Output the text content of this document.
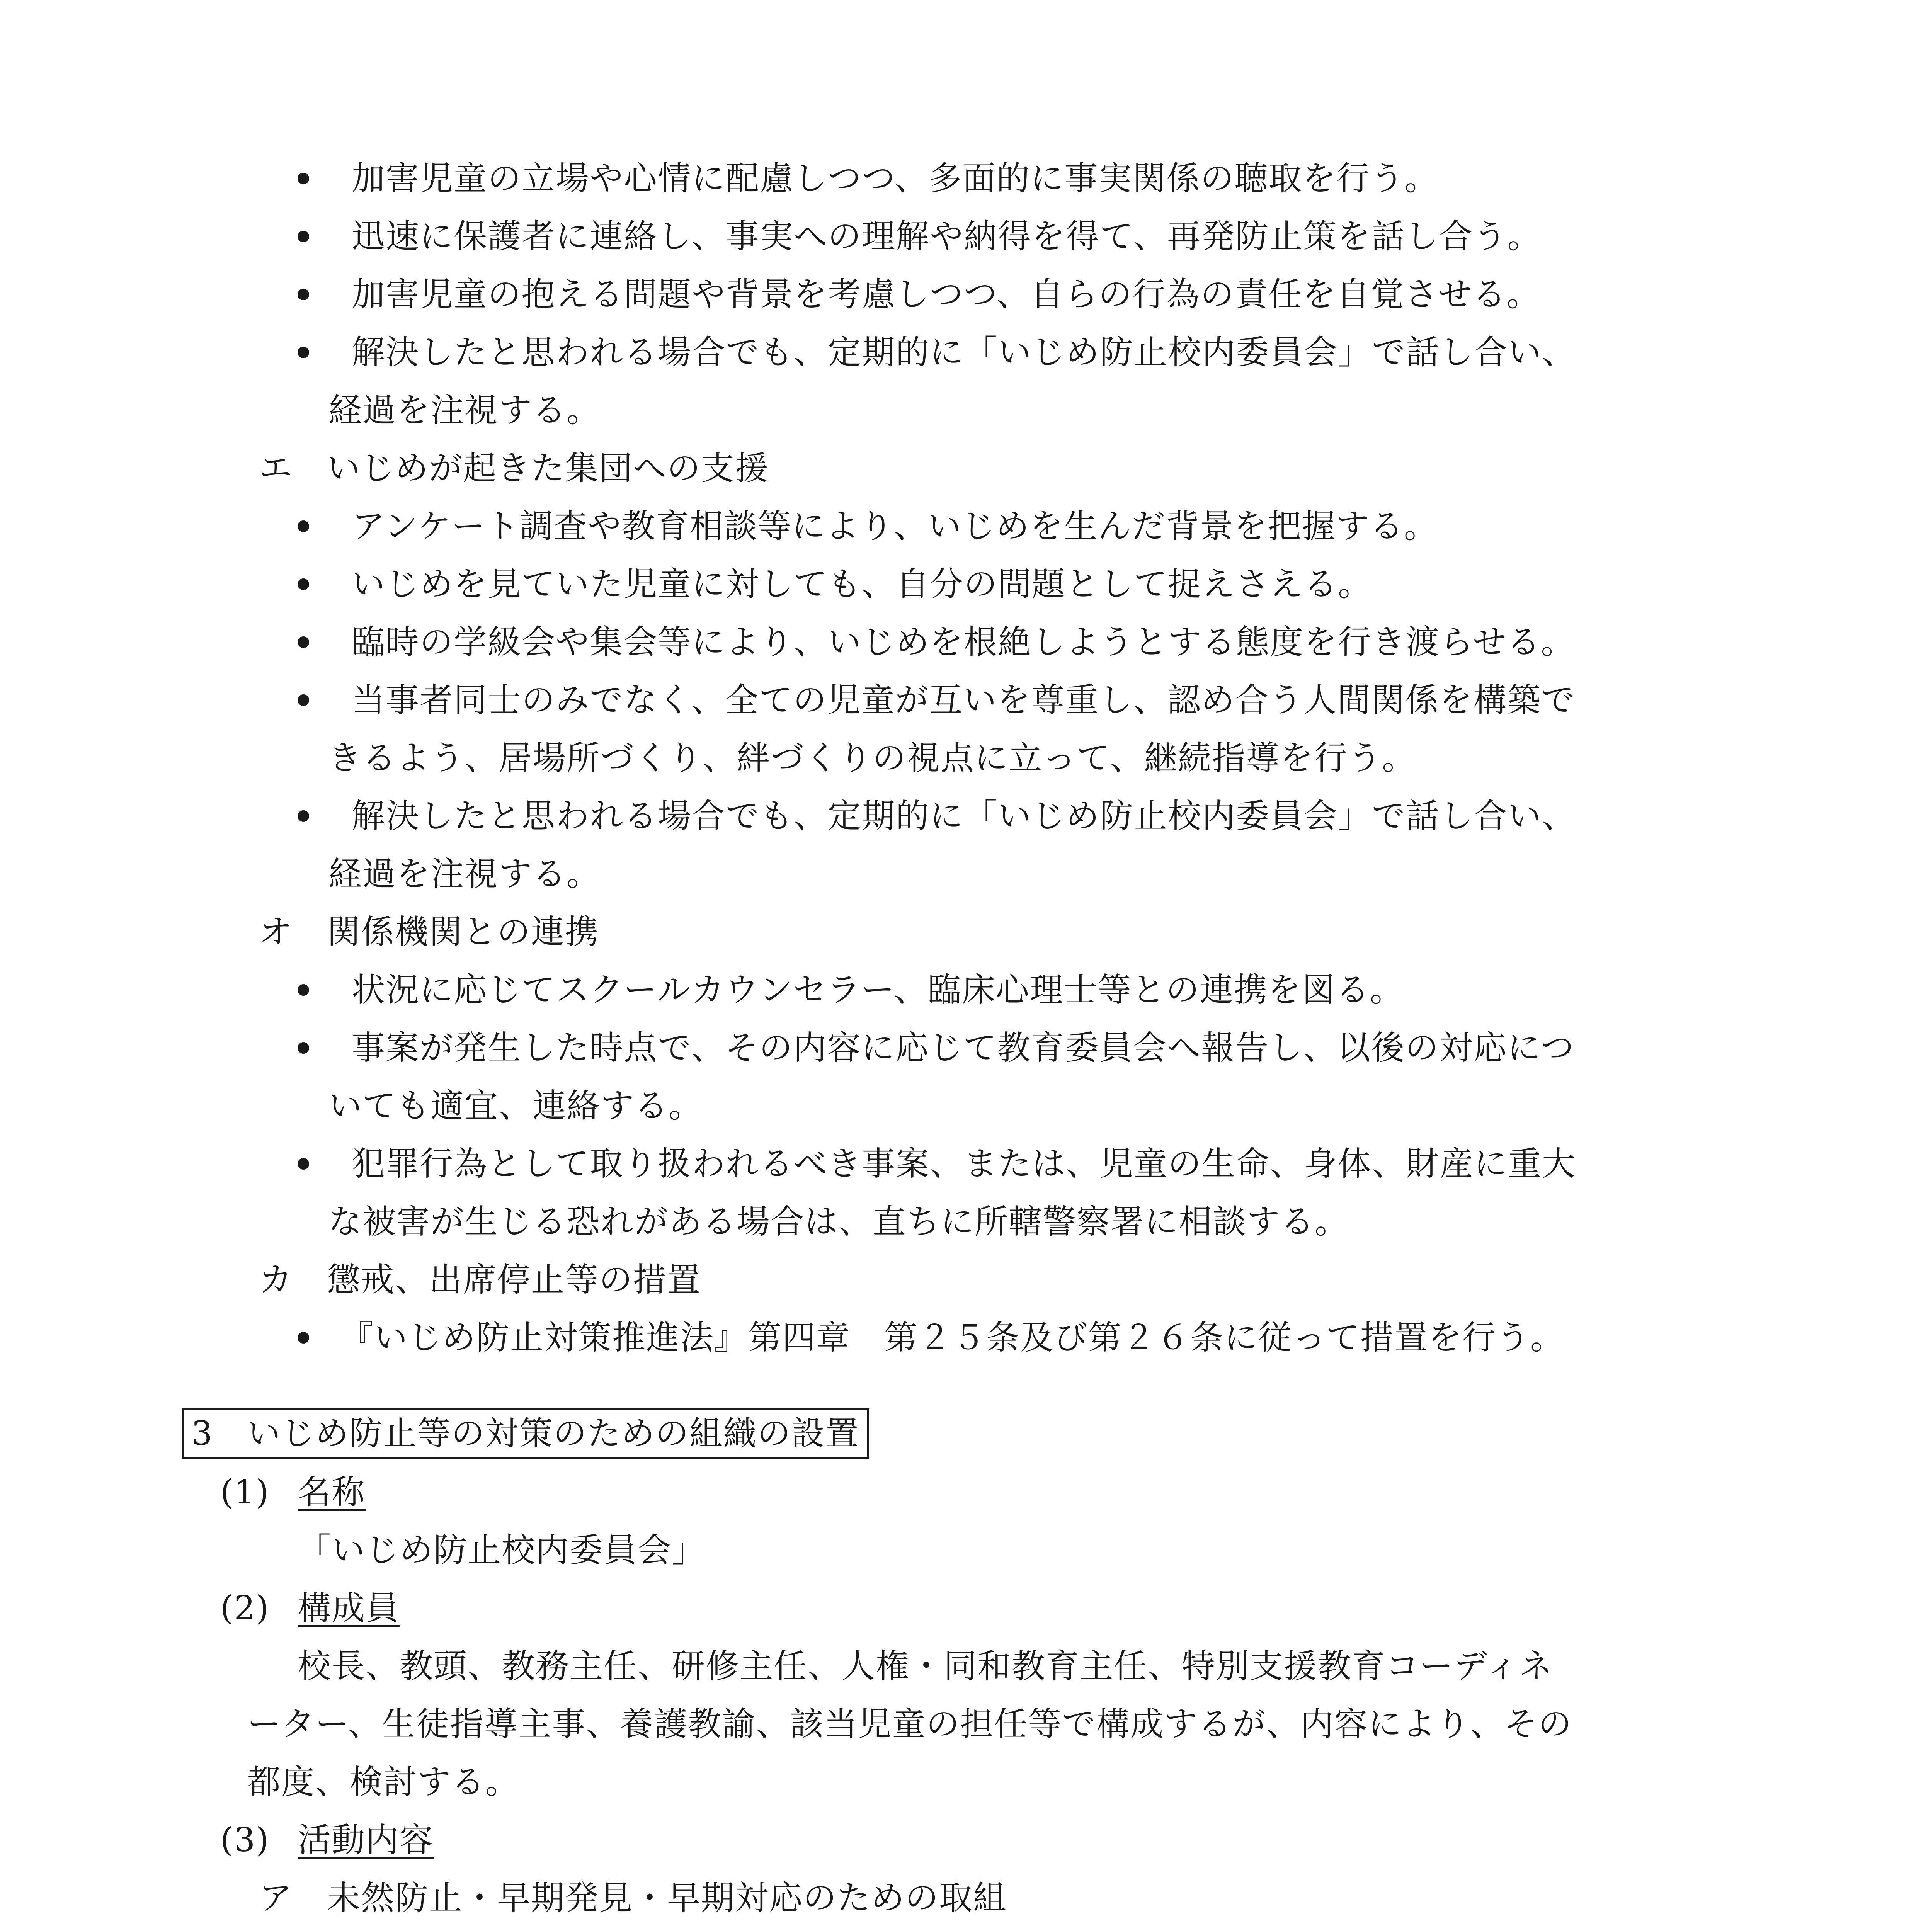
加害児童の立場や心情に配慮しつつ、多面的に事実関係の聴取を行う。
迅速に保護者に連絡し、事実への理解や納得を得て、再発防止策を話し合う。
加害児童の抱える問題や背景を考慮しつつ、自らの行為の責任を自覚させる。
解決したと思われる場合でも、定期的に「いじめ防止校内委員会」で話し合い、
経過を注視する。
エ　いじめが起きた集団への支援
アンケート調査や教育相談等により、いじめを生んだ背景を把握する。
いじめを見ていた児童に対しても、自分の問題として捉えさえる。
臨時の学級会や集会等により、いじめを根絶しようとする態度を行き渡らせる。
当事者同士のみでなく、全ての児童が互いを尊重し、認め合う人間関係を構築で
きるよう、居場所づくり、絆づくりの視点に立って、継続指導を行う。
解決したと思われる場合でも、定期的に「いじめ防止校内委員会」で話し合い、
経過を注視する。
オ　関係機関との連携
状況に応じてスクールカウンセラー、臨床心理士等との連携を図る。
事案が発生した時点で、その内容に応じて教育委員会へ報告し、以後の対応につ
いても適宜、連絡する。
犯罪行為として取り扱われるべき事案、または、児童の生命、身体、財産に重大
な被害が生じる恐れがある場合は、直ちに所轄警察署に相談する。
カ　懲戒、出席停止等の措置
『いじめ防止対策推進法』第四章　第２５条及び第２６条に従って措置を行う。
3　いじめ防止等の対策のための組織の設置
(1) 名称
「いじめ防止校内委員会」
(2) 構成員
校長、教頭、教務主任、研修主任、人権・同和教育主任、特別支援教育コーディネ
ーター、生徒指導主事、養護教諭、該当児童の担任等で構成するが、内容により、その
都度、検討する。
(3) 活動内容
ア　未然防止・早期発見・早期対応のための取組
